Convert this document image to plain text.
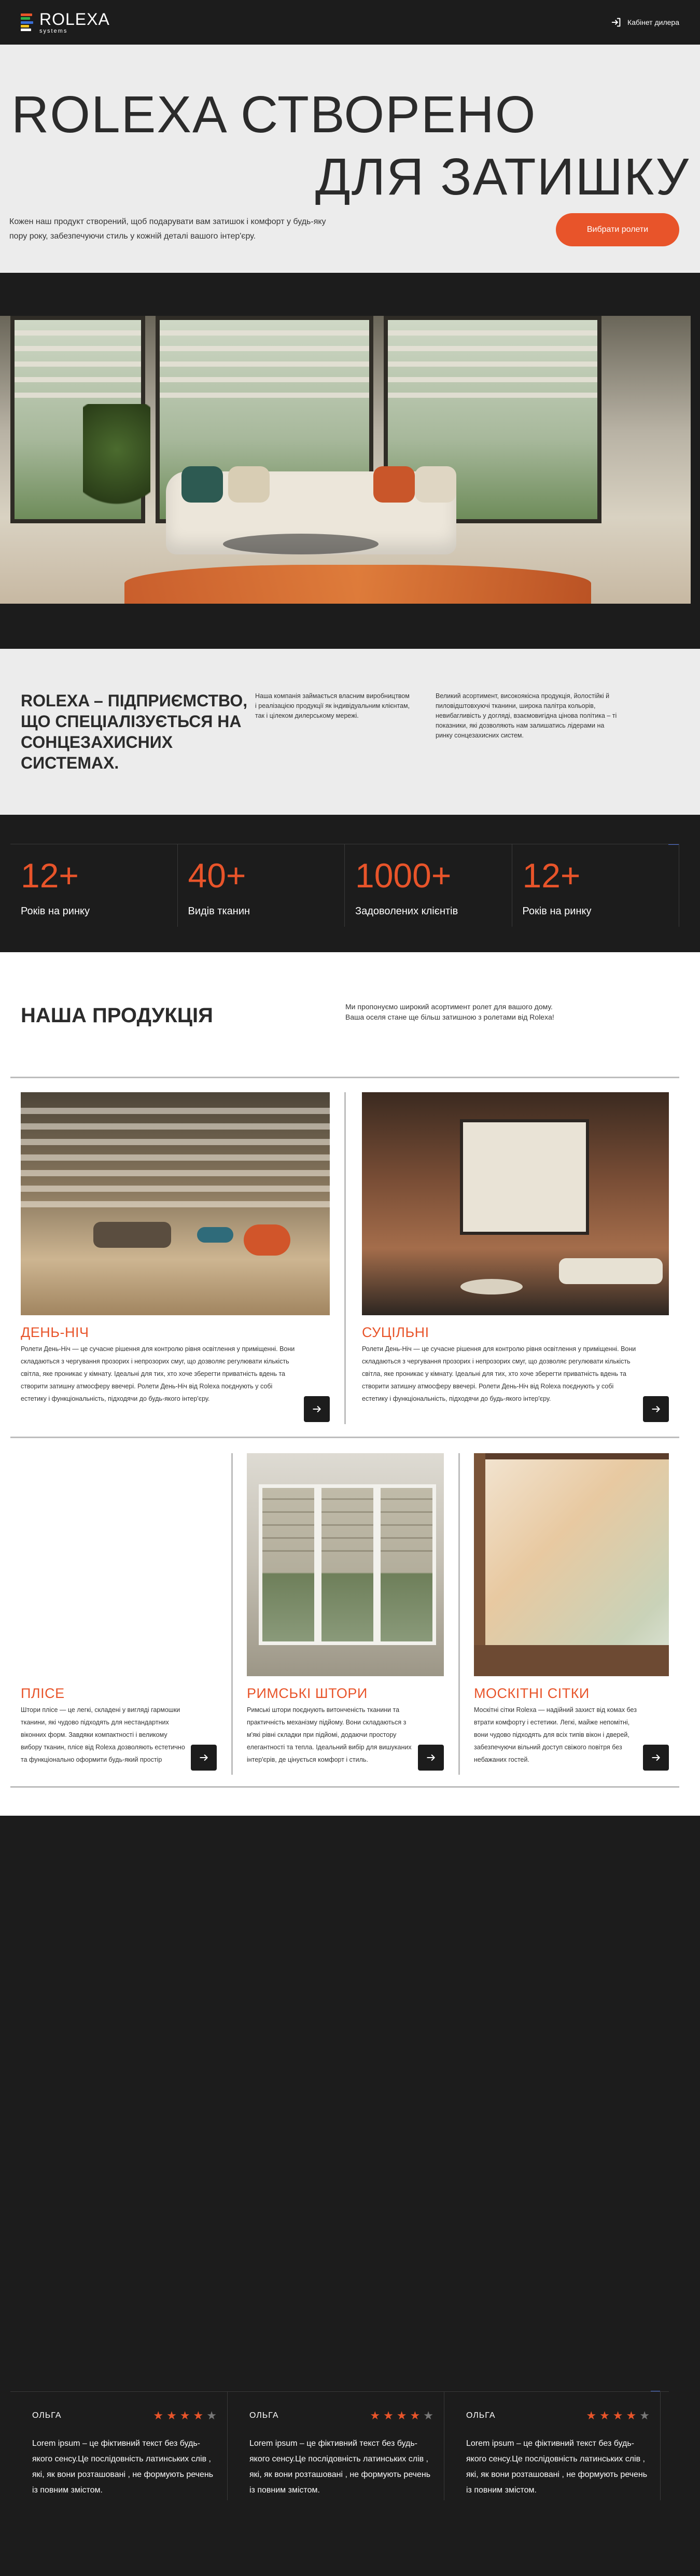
ROLEXA
systems
Кабінет дилера
ROLEXA СТВОРЕНО
ДЛЯ ЗАТИШКУ

Кожен наш продукт створений, щоб подарувати вам затишок і комфорт у будь-яку пору року, забезпечуючи стиль у кожній деталі вашого інтер'єру.

Вибрати ролети
ROLEXA – ПІДПРИЄМСТВО, ЩО СПЕЦІАЛІЗУЄТЬСЯ НА СОНЦЕЗАХИСНИХ СИСТЕМАХ.

Наша компанія займається власним виробництвом і реалізацією продукції як індивідуальним клієнтам, так і цілеком дилерському мережі.

Великий асортимент, високоякісна продукція, йолостійкі й пиловідштовхуючі тканини, широка палітра кольорів, невибагливість у догляді, взаємовигідна цінова політика – ті показники, які дозволяють нам залишатись лідерами на ринку сонцезахисних систем.

12+
Років на ринку
40+
Видів тканин
1000+
Задоволених клієнтів
12+
Років на ринку
НАША ПРОДУКЦІЯ	Ми пропонуємо широкий асортимент ролет для вашого дому. Ваша оселя стане ще більш затишною з ролетами від Rolexa!

ДЕНЬ-НІЧ
Ролети День-Ніч — це сучасне рішення для контролю рівня освітлення у приміщенні. Вони складаються з чергування прозорих і непрозорих смуг, що дозволяє регулювати кількість світла, яке проникає у кімнату. Ідеальні для тих, хто хоче зберегти приватність вдень та створити затишну атмосферу ввечері. Ролети День-Ніч від Rolexa поєднують у собі естетику і функціональність, підходячи до будь-якого інтер'єру.
СУЦІЛЬНІ
Ролети День-Ніч — це сучасне рішення для контролю рівня освітлення у приміщенні. Вони складаються з чергування прозорих і непрозорих смуг, що дозволяє регулювати кількість світла, яке проникає у кімнату. Ідеальні для тих, хто хоче зберегти приватність вдень та створити затишну атмосферу ввечері. Ролети День-Ніч від Rolexa поєднують у собі естетику і функціональність, підходячи до будь-якого інтер'єру.
ПЛІСЕ
Штори плісе — це легкі, складені у вигляді гармошки тканини, які чудово підходять для нестандартних віконних форм. Завдяки компактності і великому вибору тканин, плісе від Rolexa дозволяють естетично та функціонально оформити будь-який простір
РИМСЬКІ ШТОРИ
Римські штори поєднують витонченість тканини та практичність механізму підйому. Вони складаються з м'які рівні складки при підйомі, додаючи простору елегантності та тепла. Ідеальний вибір для вишуканих інтер'єрів, де цінується комфорт і стиль.
МОСКІТНІ СІТКИ
Москітні сітки Rolexa — надійний захист від комах без втрати комфорту і естетики. Легкі, майже непомітні, вони чудово підходять для всіх типів вікон і дверей, забезпечуючи вільний доступ свіжого повітря без небажаних гостей.
ОЛЬГА	★ ★ ★ ★ ★

Lorem ipsum – це фіктивний текст без будь-якого сенсу.Це послідовність латинських слів , які, як вони розташовані , не формують речень із повним змістом.

ОЛЬГА	★ ★ ★ ★ ★

Lorem ipsum – це фіктивний текст без будь-якого сенсу.Це послідовність латинських слів , які, як вони розташовані , не формують речень із повним змістом.

ОЛЬГА	★ ★ ★ ★ ★

Lorem ipsum – це фіктивний текст без будь-якого сенсу.Це послідовність латинських слів , які, як вони розташовані , не формують речень із повним змістом.
